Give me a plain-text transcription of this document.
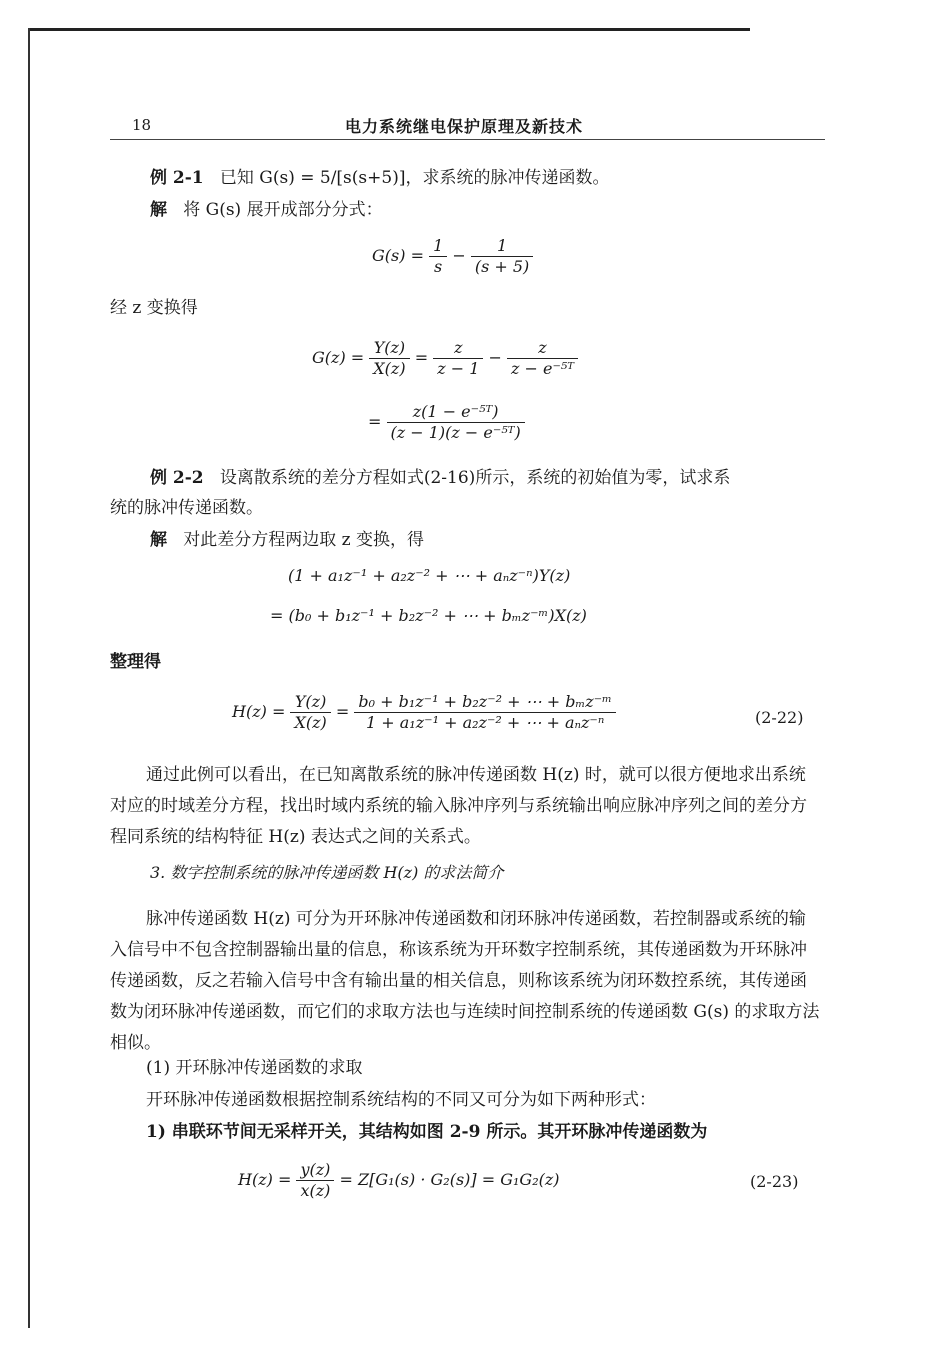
18	电力系统继电保护原理及新技术
例 2-1 已知 G(s) = 5/[s(s+5)]，求系统的脉冲传递函数。
解 将 G(s) 展开成部分分式：
$G(s) = \frac{1}{s} - \frac{1}{(s + 5)}$
经 z 变换得
$G(z) = \frac{Y(z)}{X(z)} = \frac{z}{z - 1} - \frac{z}{\text{z − e⁻⁵ᵀ}}$
= $\frac{\text{z(1 − e⁻⁵ᵀ)}}{\text{(z − 1)(z − e⁻⁵ᵀ)}}$
例 2-2 设离散系统的差分方程如式(2-16)所示，系统的初始值为零，试求系
统的脉冲传递函数。
解 对此差分方程两边取 z 变换，得
(1 + a₁z⁻¹ + a₂z⁻² + ⋯ + aₙz⁻ⁿ)Y(z)
= (b₀ + b₁z⁻¹ + b₂z⁻² + ⋯ + bₘz⁻ᵐ)X(z)
整理得
$H(z) = \frac{Y(z)}{X(z)} = \frac{\text{b₀ + b₁z⁻¹ + b₂z⁻² + ⋯ + bₘz⁻ᵐ}}{\text{1 + a₁z⁻¹ + a₂z⁻² + ⋯ + aₙz⁻ⁿ}}$	(2-22)
通过此例可以看出，在已知离散系统的脉冲传递函数 H(z) 时，就可以很方便地求出系统对应的时域差分方程，找出时域内系统的输入脉冲序列与系统输出响应脉冲序列之间的差分方程同系统的结构特征 H(z) 表达式之间的关系式。
3. 数字控制系统的脉冲传递函数 H(z) 的求法简介
脉冲传递函数 H(z) 可分为开环脉冲传递函数和闭环脉冲传递函数，若控制器或系统的输入信号中不包含控制器输出量的信息，称该系统为开环数字控制系统，其传递函数为开环脉冲传递函数，反之若输入信号中含有输出量的相关信息，则称该系统为闭环数控系统，其传递函数为闭环脉冲传递函数，而它们的求取方法也与连续时间控制系统的传递函数 G(s) 的求取方法相似。
(1) 开环脉冲传递函数的求取
开环脉冲传递函数根据控制系统结构的不同又可分为如下两种形式：
1) 串联环节间无采样开关，其结构如图 2-9 所示。其开环脉冲传递函数为
$H(z) = \frac{y(z)}{x(z)} = Z[G_1(s) \cdot G_2(s)] = G_1G_2(z)$	(2-23)
